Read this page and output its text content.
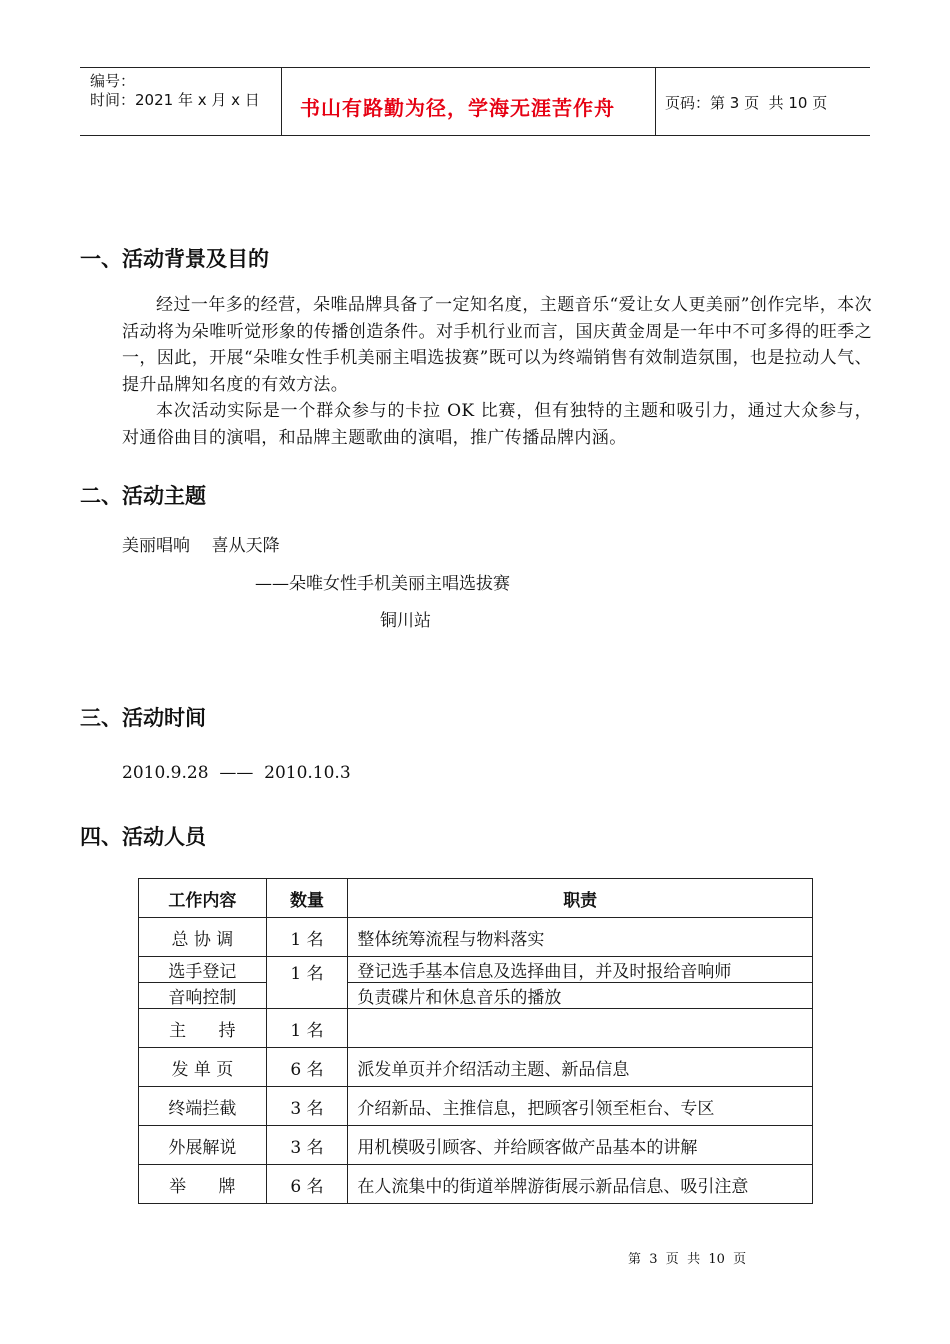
编号：
时间：2021 年 x 月 x 日 书山有路勤为径，学海无涯苦作舟	页码：第 3 页  共 10 页
一、活动背景及目的

经过一年多的经营，朵唯品牌具备了一定知名度，主题音乐“爱让女人更美丽”创作完毕，本次活动将为朵唯听觉形象的传播创造条件。对手机行业而言，国庆黄金周是一年中不可多得的旺季之一，因此，开展“朵唯女性手机美丽主唱选拔赛”既可以为终端销售有效制造氛围，也是拉动人气、提升品牌知名度的有效方法。

本次活动实际是一个群众参与的卡拉 OK 比赛，但有独特的主题和吸引力，通过大众参与，对通俗曲目的演唱，和品牌主题歌曲的演唱，推广传播品牌内涵。

二、活动主题
美丽唱响    喜从天降
——朵唯女性手机美丽主唱选拔赛
铜川站
三、活动时间
2010.9.28  ——  2010.10.3
四、活动人员
工作内容	数量	职责
总 协 调	1 名	整体统筹流程与物料落实
选手登记	1 名	登记选手基本信息及选择曲目，并及时报给音响师
音响控制		负责碟片和休息音乐的播放
主      持	1 名	
发 单 页	6 名	派发单页并介绍活动主题、新品信息
终端拦截	3 名	介绍新品、主推信息，把顾客引领至柜台、专区
外展解说	3 名	用机模吸引顾客、并给顾客做产品基本的讲解
举      牌	6 名	在人流集中的街道举牌游街展示新品信息、吸引注意
第  3  页  共  10  页
